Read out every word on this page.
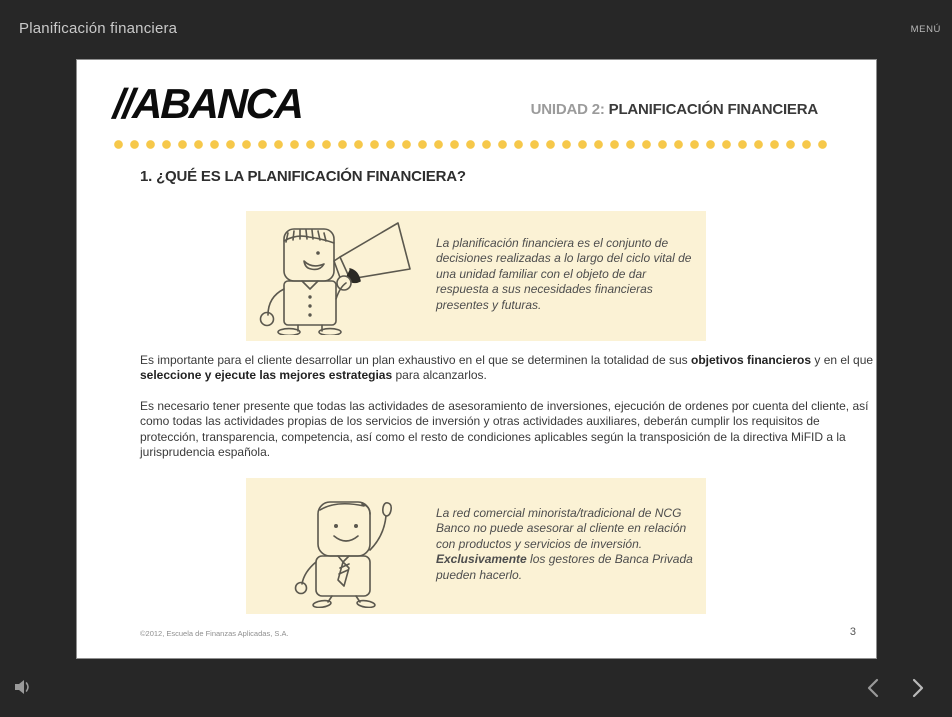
Planificación financiera	MENÚ
//ABANCA	UNIDAD 2: PLANIFICACIÓN FINANCIERA
1. ¿QUÉ ES LA PLANIFICACIÓN FINANCIERA?
La planificación financiera es el conjunto de decisiones realizadas a lo largo del ciclo vital de una unidad familiar con el objeto de dar respuesta a sus necesidades financieras presentes y futuras.

Es importante para el cliente desarrollar un plan exhaustivo en el que se determinen la totalidad de sus objetivos financieros y en el que seleccione y ejecute las mejores estrategias para alcanzarlos.

Es necesario tener presente que todas las actividades de asesoramiento de inversiones, ejecución de ordenes por cuenta del cliente, así como todas las actividades propias de los servicios de inversión y otras actividades auxiliares, deberán cumplir los requisitos de protección, transparencia, competencia, así como el resto de condiciones aplicables según la transposición de la directiva MiFID a la jurisprudencia española.

La red comercial minorista/tradicional de NCG Banco no puede asesorar al cliente en relación con productos y servicios de inversión. Exclusivamente los gestores de Banca Privada pueden hacerlo.
©2012, Escuela de Finanzas Aplicadas, S.A.	3
